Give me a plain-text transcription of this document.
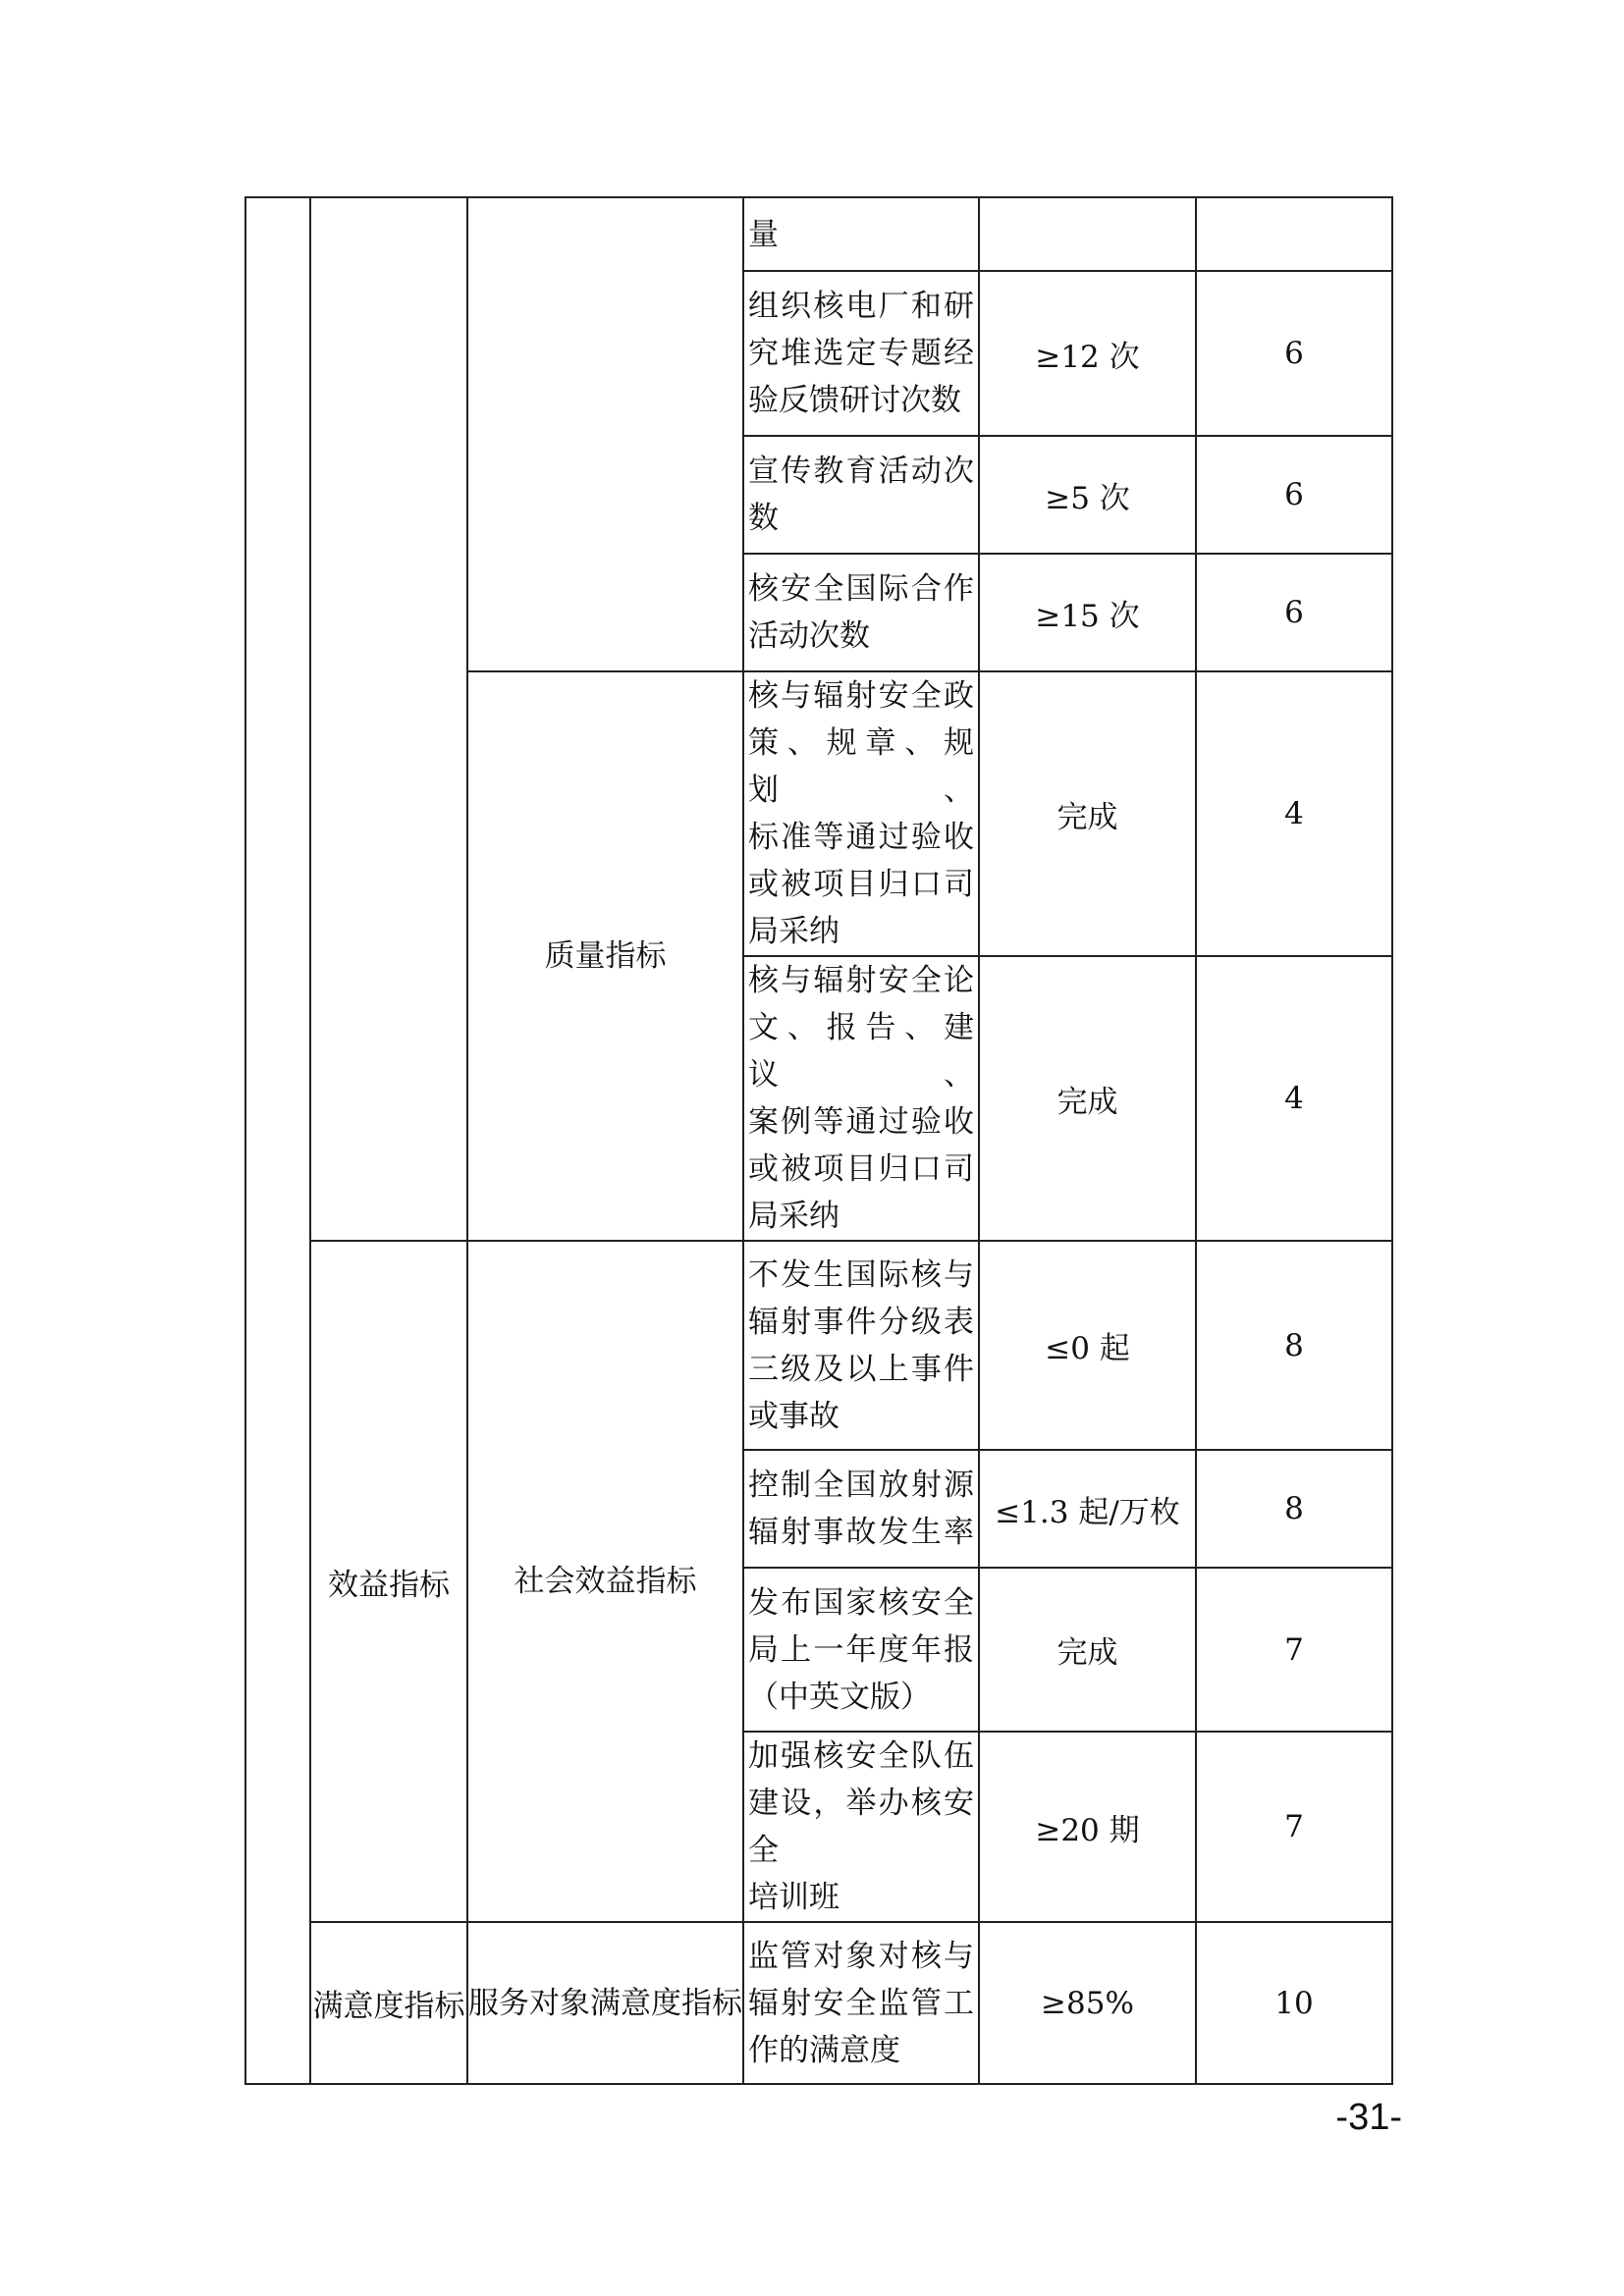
			量		

			组织核电厂和研
究堆选定专题经
验反馈研讨次数	≥12 次	6

			宣传教育活动次
数	≥5 次	6

			核安全国际合作
活动次数	≥15 次	6
		质量指标	核与辐射安全政
策、规章、规划、
标准等通过验收
或被项目归口司
局采纳	完成	4

			核与辐射安全论
文、报告、建议、
案例等通过验收
或被项目归口司
局采纳	完成	4
	效益指标	社会效益指标	不发生国际核与
辐射事件分级表
三级及以上事件
或事故	≤0 起	8

			控制全国放射源
辐射事故发生率	≤1.3 起/万枚	8

			发布国家核安全
局上一年度年报
（中英文版）	完成	7

			加强核安全队伍
建设，举办核安全
培训班	≥20 期	7
	满意度指标	服务对象满意度指标	监管对象对核与
辐射安全监管工
作的满意度	≥85%	10
-31-
